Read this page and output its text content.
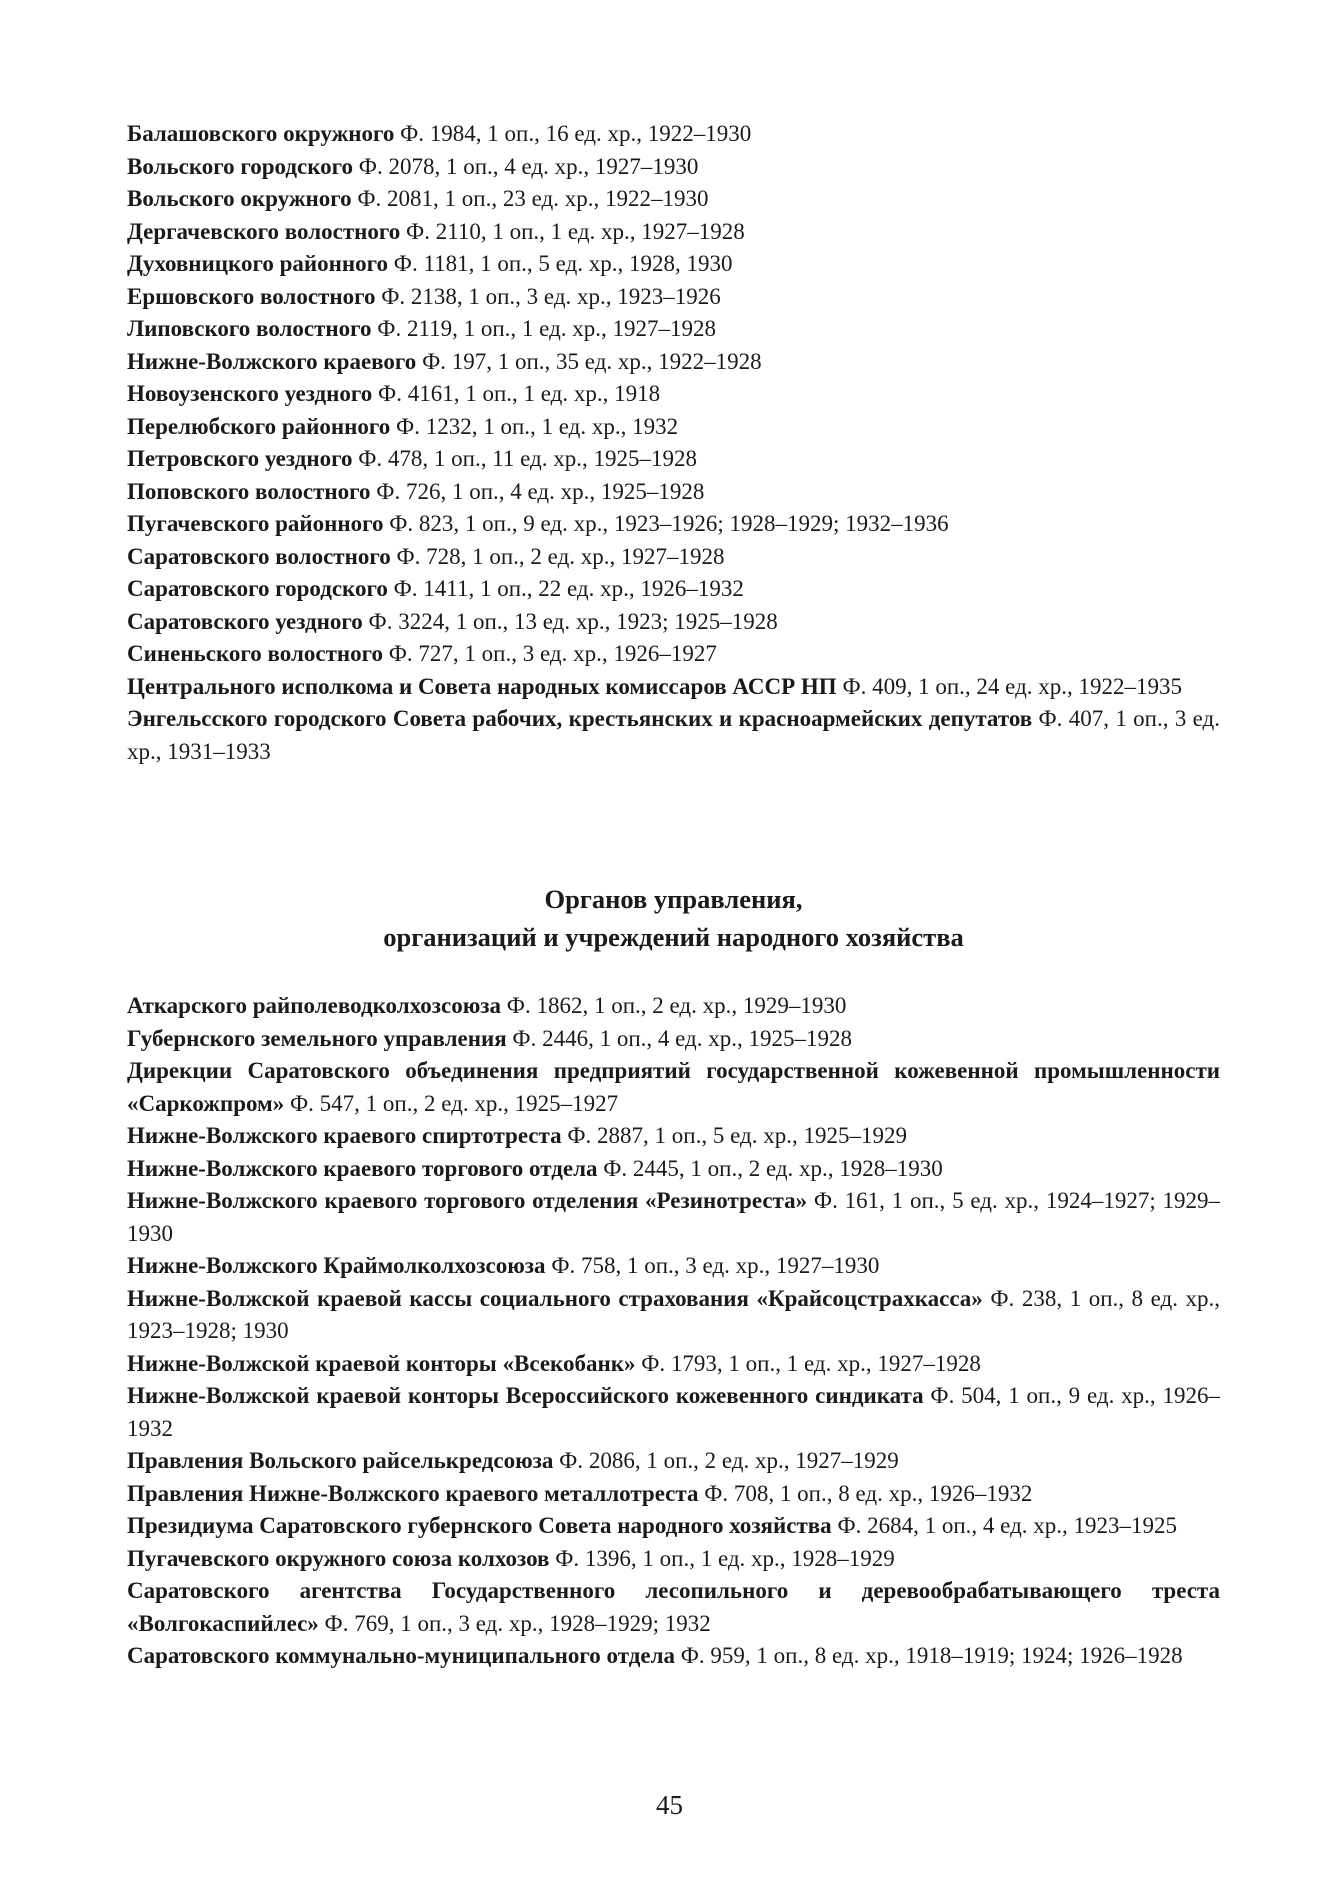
Балашовского окружного Ф. 1984, 1 оп., 16 ед. хр., 1922–1930
Вольского городского Ф. 2078, 1 оп., 4 ед. хр., 1927–1930
Вольского окружного Ф. 2081, 1 оп., 23 ед. хр., 1922–1930
Дергачевского волостного Ф. 2110, 1 оп., 1 ед. хр., 1927–1928
Духовницкого районного Ф. 1181, 1 оп., 5 ед. хр., 1928, 1930
Ершовского волостного Ф. 2138, 1 оп., 3 ед. хр., 1923–1926
Липовского волостного Ф. 2119, 1 оп., 1 ед. хр., 1927–1928
Нижне-Волжского краевого Ф. 197, 1 оп., 35 ед. хр., 1922–1928
Новоузенского уездного Ф. 4161, 1 оп., 1 ед. хр., 1918
Перелюбского районного Ф. 1232, 1 оп., 1 ед. хр., 1932
Петровского уездного Ф. 478, 1 оп., 11 ед. хр., 1925–1928
Поповского волостного Ф. 726, 1 оп., 4 ед. хр., 1925–1928
Пугачевского районного Ф. 823, 1 оп., 9 ед. хр., 1923–1926; 1928–1929; 1932–1936
Саратовского волостного Ф. 728, 1 оп., 2 ед. хр., 1927–1928
Саратовского городского Ф. 1411, 1 оп., 22 ед. хр., 1926–1932
Саратовского уездного Ф. 3224, 1 оп., 13 ед. хр., 1923; 1925–1928
Синеньского волостного Ф. 727, 1 оп., 3 ед. хр., 1926–1927
Центрального исполкома и Совета народных комиссаров АССР НП Ф. 409, 1 оп., 24 ед. хр., 1922–1935
Энгельсского городского Совета рабочих, крестьянских и красноармейских депутатов Ф. 407, 1 оп., 3 ед. хр., 1931–1933
Органов управления,
организаций и учреждений народного хозяйства
Аткарского райполеводколхозсоюза Ф. 1862, 1 оп., 2 ед. хр., 1929–1930
Губернского земельного управления Ф. 2446, 1 оп., 4 ед. хр., 1925–1928
Дирекции Саратовского объединения предприятий государственной кожевенной промышленности «Саркожпром» Ф. 547, 1 оп., 2 ед. хр., 1925–1927
Нижне-Волжского краевого спиртотреста Ф. 2887, 1 оп., 5 ед. хр., 1925–1929
Нижне-Волжского краевого торгового отдела Ф. 2445, 1 оп., 2 ед. хр., 1928–1930
Нижне-Волжского краевого торгового отделения «Резинотреста» Ф. 161, 1 оп., 5 ед. хр., 1924–1927; 1929–1930
Нижне-Волжского Краймолколхозсоюза Ф. 758, 1 оп., 3 ед. хр., 1927–1930
Нижне-Волжской краевой кассы социального страхования «Крайсоцстрахкасса» Ф. 238, 1 оп., 8 ед. хр., 1923–1928; 1930
Нижне-Волжской краевой конторы «Всекобанк» Ф. 1793, 1 оп., 1 ед. хр., 1927–1928
Нижне-Волжской краевой конторы Всероссийского кожевенного синдиката Ф. 504, 1 оп., 9 ед. хр., 1926–1932
Правления Вольского райселькредсоюза Ф. 2086, 1 оп., 2 ед. хр., 1927–1929
Правления Нижне-Волжского краевого металлотреста Ф. 708, 1 оп., 8 ед. хр., 1926–1932
Президиума Саратовского губернского Совета народного хозяйства Ф. 2684, 1 оп., 4 ед. хр., 1923–1925
Пугачевского окружного союза колхозов Ф. 1396, 1 оп., 1 ед. хр., 1928–1929
Саратовского агентства Государственного лесопильного и деревообрабатывающего треста «Волгокаспийлес» Ф. 769, 1 оп., 3 ед. хр., 1928–1929; 1932
Саратовского коммунально-муниципального отдела Ф. 959, 1 оп., 8 ед. хр., 1918–1919; 1924; 1926–1928
45
